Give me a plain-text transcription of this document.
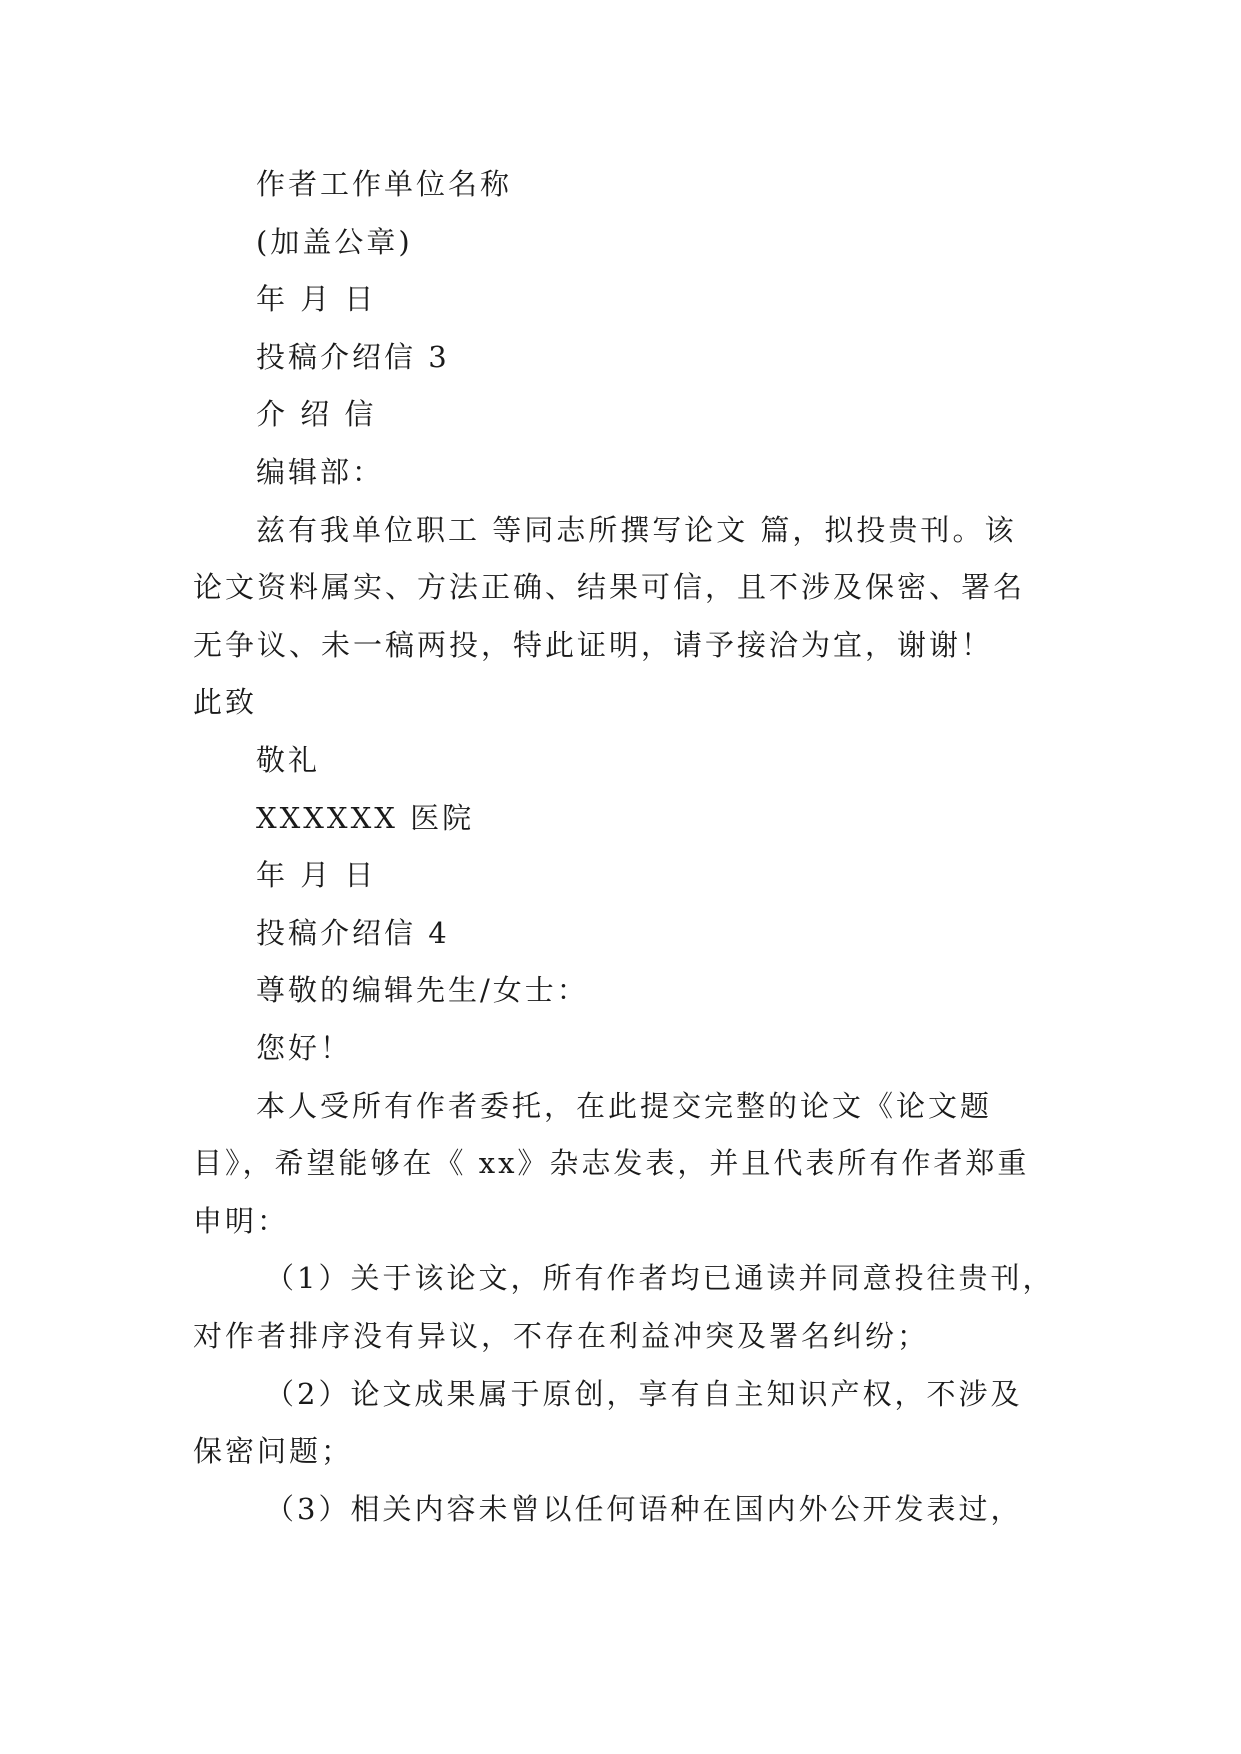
作者工作单位名称
(加盖公章)
年 月 日
投稿介绍信 3
介 绍 信
编辑部：
兹有我单位职工 等同志所撰写论文 篇，拟投贵刊。该
论文资料属实、方法正确、结果可信，且不涉及保密、署名
无争议、未一稿两投，特此证明，请予接洽为宜，谢谢！
此致
敬礼
XXXXXX 医院
年 月 日
投稿介绍信 4
尊敬的编辑先生/女士：
您好！
本人受所有作者委托，在此提交完整的论文《论文题
目》，希望能够在《 xx》杂志发表，并且代表所有作者郑重
申明：
（1）关于该论文，所有作者均已通读并同意投往贵刊，
对作者排序没有异议，不存在利益冲突及署名纠纷；
（2）论文成果属于原创，享有自主知识产权，不涉及
保密问题；
（3）相关内容未曾以任何语种在国内外公开发表过，
